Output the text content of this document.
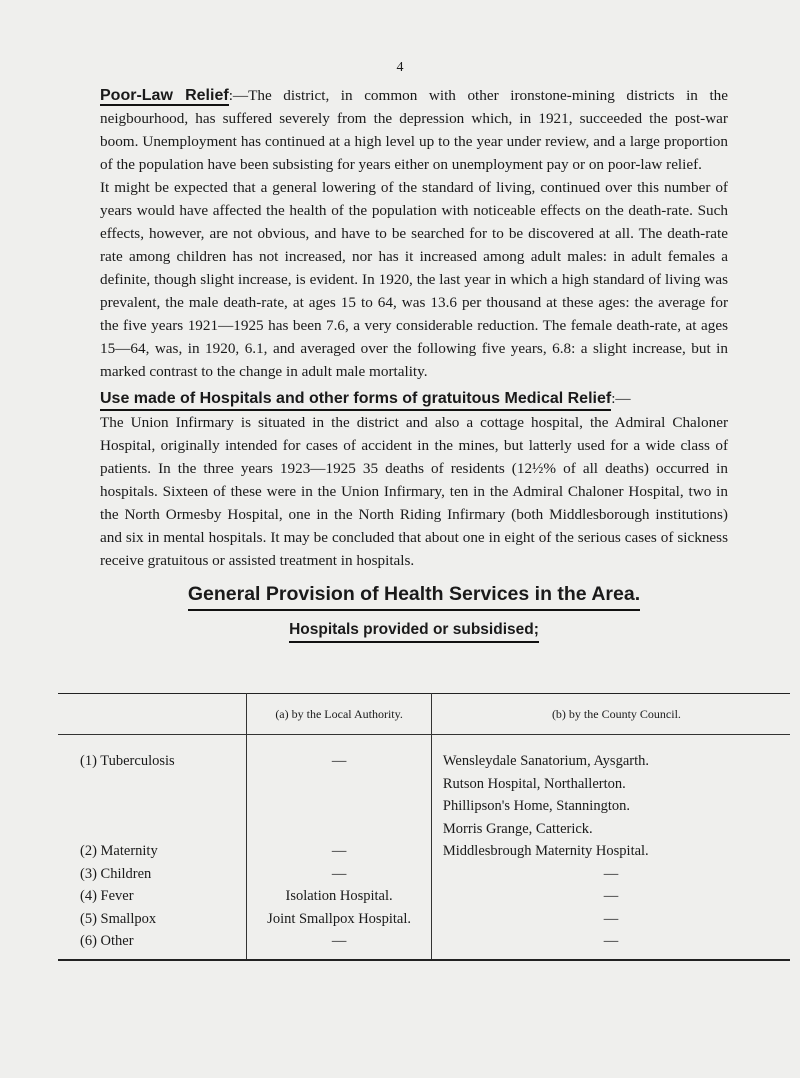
4

Poor-Law Relief:—The district, in common with other ironstone-mining districts in the neigbourhood, has suffered severely from the depression which, in 1921, succeeded the post-war boom. Unemployment has continued at a high level up to the year under review, and a large proportion of the population have been subsisting for years either on unemployment pay or on poor-law relief.

It might be expected that a general lowering of the standard of living, continued over this number of years would have affected the health of the population with noticeable effects on the death-rate. Such effects, however, are not obvious, and have to be searched for to be discovered at all. The death-rate rate among children has not increased, nor has it increased among adult males: in adult females a definite, though slight increase, is evident. In 1920, the last year in which a high standard of living was prevalent, the male death-rate, at ages 15 to 64, was 13.6 per thousand at these ages: the average for the five years 1921—1925 has been 7.6, a very considerable reduction. The female death-rate, at ages 15—64, was, in 1920, 6.1, and averaged over the following five years, 6.8: a slight increase, but in marked contrast to the change in adult male mortality.

Use made of Hospitals and other forms of gratuitous Medical Relief:—

The Union Infirmary is situated in the district and also a cottage hospital, the Admiral Chaloner Hospital, originally intended for cases of accident in the mines, but latterly used for a wide class of patients. In the three years 1923—1925 35 deaths of residents (12½% of all deaths) occurred in hospitals. Sixteen of these were in the Union Infirmary, ten in the Admiral Chaloner Hospital, two in the North Ormesby Hospital, one in the North Riding Infirmary (both Middlesborough institutions) and six in mental hospitals. It may be concluded that about one in eight of the serious cases of sickness receive gratuitous or assisted treatment in hospitals.

General Provision of Health Services in the Area.
Hospitals provided or subsidised;
	(a) by the Local Authority.	(b) by the County Council.

(1) Tuberculosis	—	Wensleydale Sanatorium, Aysgarth.
		Rutson Hospital, Northallerton.
		Phillipson's Home, Stannington.
		Morris Grange, Catterick.
(2) Maternity	—	Middlesbrough Maternity Hospital.
(3) Children	—	—
(4) Fever	Isolation Hospital.	—
(5) Smallpox	Joint Smallpox Hospital.	—
(6) Other	—	—
